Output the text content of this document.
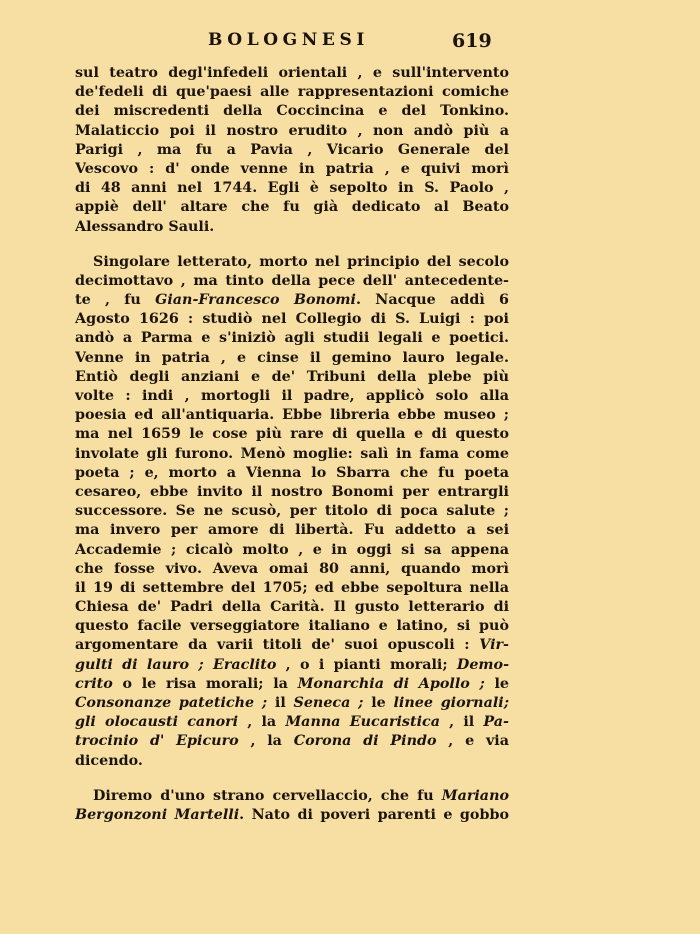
BOLOGNESI	619
sul teatro degl'infedeli orientali , e sull'intervento
de'fedeli di que'paesi alle rappresentazioni comiche
dei miscredenti della Coccincina e del Tonkino.
Malaticcio poi il nostro erudito , non andò più a
Parigi , ma fu a Pavia , Vicario Generale del
Vescovo : d' onde venne in patria , e quivi morì
di 48 anni nel 1744. Egli è sepolto in S. Paolo ,
appiè dell' altare che fu già dedicato al Beato
Alessandro Sauli.
Singolare letterato, morto nel principio del secolo
decimottavo , ma tinto della pece dell' antecedente-
te , fu Gian-Francesco Bonomi. Nacque addì 6
Agosto 1626 : studiò nel Collegio di S. Luigi : poi
andò a Parma e s'iniziò agli studii legali e poetici.
Venne in patria , e cinse il gemino lauro legale.
Entiò degli anziani e de' Tribuni della plebe più
volte : indi , mortogli il padre, applicò solo alla
poesia ed all'antiquaria. Ebbe libreria ebbe museo ;
ma nel 1659 le cose più rare di quella e di questo
involate gli furono. Menò moglie: salì in fama come
poeta ; e, morto a Vienna lo Sbarra che fu poeta
cesareo, ebbe invito il nostro Bonomi per entrargli
successore. Se ne scusò, per titolo di poca salute ;
ma invero per amore di libertà. Fu addetto a sei
Accademie ; cicalò molto , e in oggi si sa appena
che fosse vivo. Aveva omai 80 anni, quando morì
il 19 di settembre del 1705; ed ebbe sepoltura nella
Chiesa de' Padri della Carità. Il gusto letterario di
questo facile verseggiatore italiano e latino, si può
argomentare da varii titoli de' suoi opuscoli : Vir-
gulti di lauro ; Eraclito , o i pianti morali; Demo-
crito o le risa morali; la Monarchia di Apollo ; le
Consonanze patetiche ; il Seneca ; le linee giornali;
gli olocausti canori , la Manna Eucaristica , il Pa-
trocinio d' Epicuro , la Corona di Pindo , e via
dicendo.
Diremo d'uno strano cervellaccio, che fu Mariano
Bergonzoni Martelli. Nato di poveri parenti e gobbo
